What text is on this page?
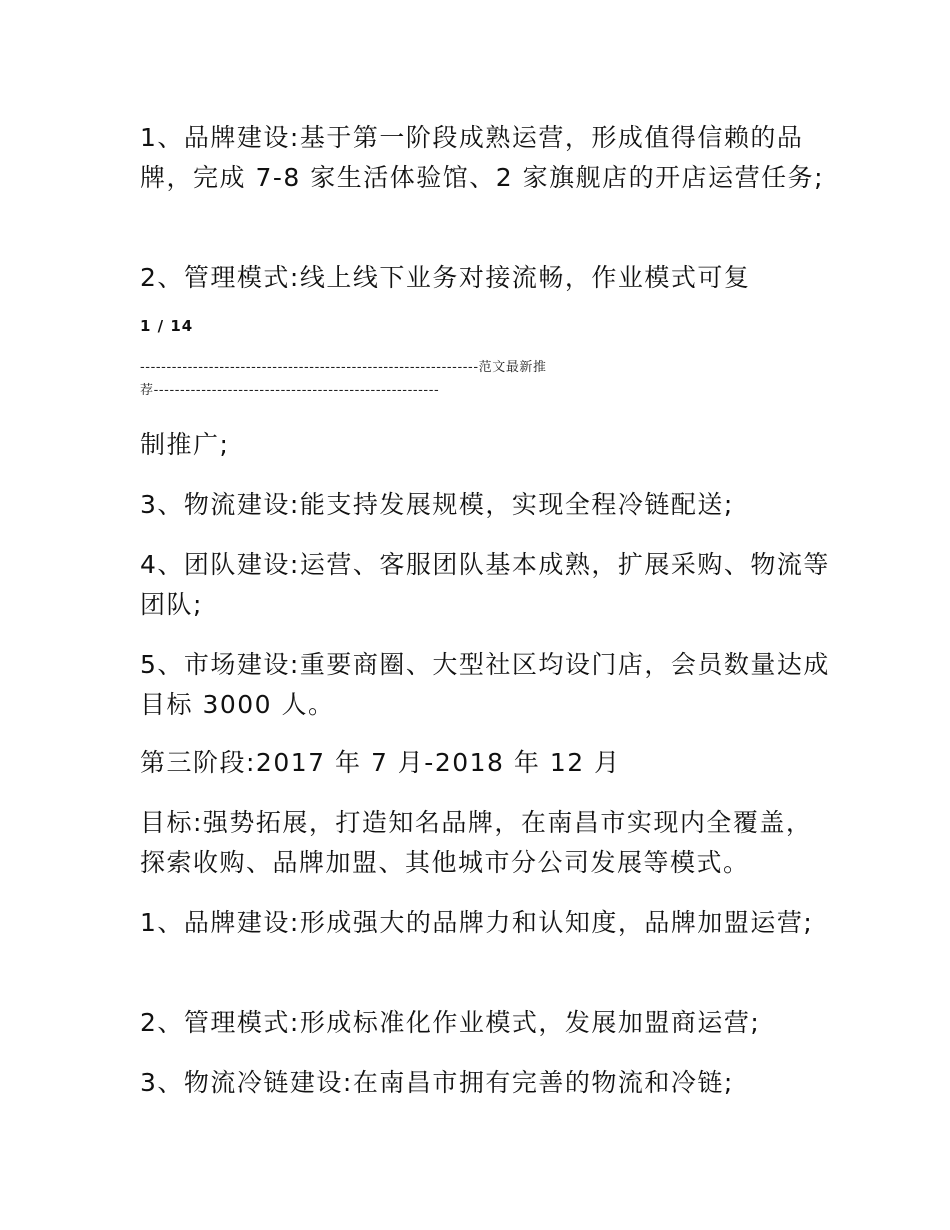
1、品牌建设:基于第一阶段成熟运营，形成值得信赖的品牌，完成 7-8 家生活体验馆、2 家旗舰店的开店运营任务;

2、管理模式:线上线下业务对接流畅，作业模式可复

1 / 14
----------------------------------------------------------------范文最新推
荐------------------------------------------------------

制推广;

3、物流建设:能支持发展规模，实现全程冷链配送;

4、团队建设:运营、客服团队基本成熟，扩展采购、物流等团队;

5、市场建设:重要商圈、大型社区均设门店，会员数量达成目标 3000 人。

第三阶段:2017 年 7 月-2018 年 12 月

目标:强势拓展，打造知名品牌，在南昌市实现内全覆盖，探索收购、品牌加盟、其他城市分公司发展等模式。

1、品牌建设:形成强大的品牌力和认知度，品牌加盟运营;

2、管理模式:形成标准化作业模式，发展加盟商运营;

3、物流冷链建设:在南昌市拥有完善的物流和冷链;
